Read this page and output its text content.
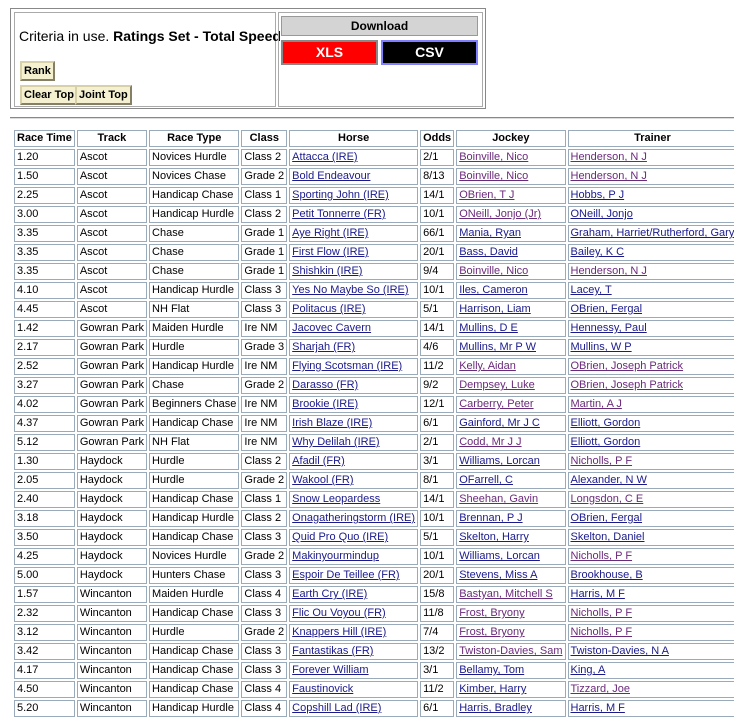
Criteria in use. Ratings Set - Total Speed
Rank
Clear Top Joint Top
Download
XLS	CSV
Race Time	Track	Race Type	Class	Horse	Odds	Jockey	Trainer
1.20	Ascot	Novices Hurdle	Class 2	Attacca (IRE)	2/1	Boinville, Nico	Henderson, N J
1.50	Ascot	Novices Chase	Grade 2	Bold Endeavour	8/13	Boinville, Nico	Henderson, N J
2.25	Ascot	Handicap Chase	Class 1	Sporting John (IRE)	14/1	OBrien, T J	Hobbs, P J
3.00	Ascot	Handicap Hurdle	Class 2	Petit Tonnerre (FR)	10/1	ONeill, Jonjo (Jr)	ONeill, Jonjo
3.35	Ascot	Chase	Grade 1	Aye Right (IRE)	66/1	Mania, Ryan	Graham, Harriet/Rutherford, Gary
3.35	Ascot	Chase	Grade 1	First Flow (IRE)	20/1	Bass, David	Bailey, K C
3.35	Ascot	Chase	Grade 1	Shishkin (IRE)	9/4	Boinville, Nico	Henderson, N J
4.10	Ascot	Handicap Hurdle	Class 3	Yes No Maybe So (IRE)	10/1	Iles, Cameron	Lacey, T
4.45	Ascot	NH Flat	Class 3	Politacus (IRE)	5/1	Harrison, Liam	OBrien, Fergal
1.42	Gowran Park	Maiden Hurdle	Ire NM	Jacovec Cavern	14/1	Mullins, D E	Hennessy, Paul
2.17	Gowran Park	Hurdle	Grade 3	Sharjah (FR)	4/6	Mullins, Mr P W	Mullins, W P
2.52	Gowran Park	Handicap Hurdle	Ire NM	Flying Scotsman (IRE)	11/2	Kelly, Aidan	OBrien, Joseph Patrick
3.27	Gowran Park	Chase	Grade 2	Darasso (FR)	9/2	Dempsey, Luke	OBrien, Joseph Patrick
4.02	Gowran Park	Beginners Chase	Ire NM	Brookie (IRE)	12/1	Carberry, Peter	Martin, A J
4.37	Gowran Park	Handicap Chase	Ire NM	Irish Blaze (IRE)	6/1	Gainford, Mr J C	Elliott, Gordon
5.12	Gowran Park	NH Flat	Ire NM	Why Delilah (IRE)	2/1	Codd, Mr J J	Elliott, Gordon
1.30	Haydock	Hurdle	Class 2	Afadil (FR)	3/1	Williams, Lorcan	Nicholls, P F
2.05	Haydock	Hurdle	Grade 2	Wakool (FR)	8/1	OFarrell, C	Alexander, N W
2.40	Haydock	Handicap Chase	Class 1	Snow Leopardess	14/1	Sheehan, Gavin	Longsdon, C E
3.18	Haydock	Handicap Hurdle	Class 2	Onagatheringstorm (IRE)	10/1	Brennan, P J	OBrien, Fergal
3.50	Haydock	Handicap Chase	Class 3	Quid Pro Quo (IRE)	5/1	Skelton, Harry	Skelton, Daniel
4.25	Haydock	Novices Hurdle	Grade 2	Makinyourmindup	10/1	Williams, Lorcan	Nicholls, P F
5.00	Haydock	Hunters Chase	Class 3	Espoir De Teillee (FR)	20/1	Stevens, Miss A	Brookhouse, B
1.57	Wincanton	Maiden Hurdle	Class 4	Earth Cry (IRE)	15/8	Bastyan, Mitchell S	Harris, M F
2.32	Wincanton	Handicap Chase	Class 3	Flic Ou Voyou (FR)	11/8	Frost, Bryony	Nicholls, P F
3.12	Wincanton	Hurdle	Grade 2	Knappers Hill (IRE)	7/4	Frost, Bryony	Nicholls, P F
3.42	Wincanton	Handicap Chase	Class 3	Fantastikas (FR)	13/2	Twiston-Davies, Sam	Twiston-Davies, N A
4.17	Wincanton	Handicap Chase	Class 3	Forever William	3/1	Bellamy, Tom	King, A
4.50	Wincanton	Handicap Chase	Class 4	Faustinovick	11/2	Kimber, Harry	Tizzard, Joe
5.20	Wincanton	Handicap Hurdle	Class 4	Copshill Lad (IRE)	6/1	Harris, Bradley	Harris, M F
